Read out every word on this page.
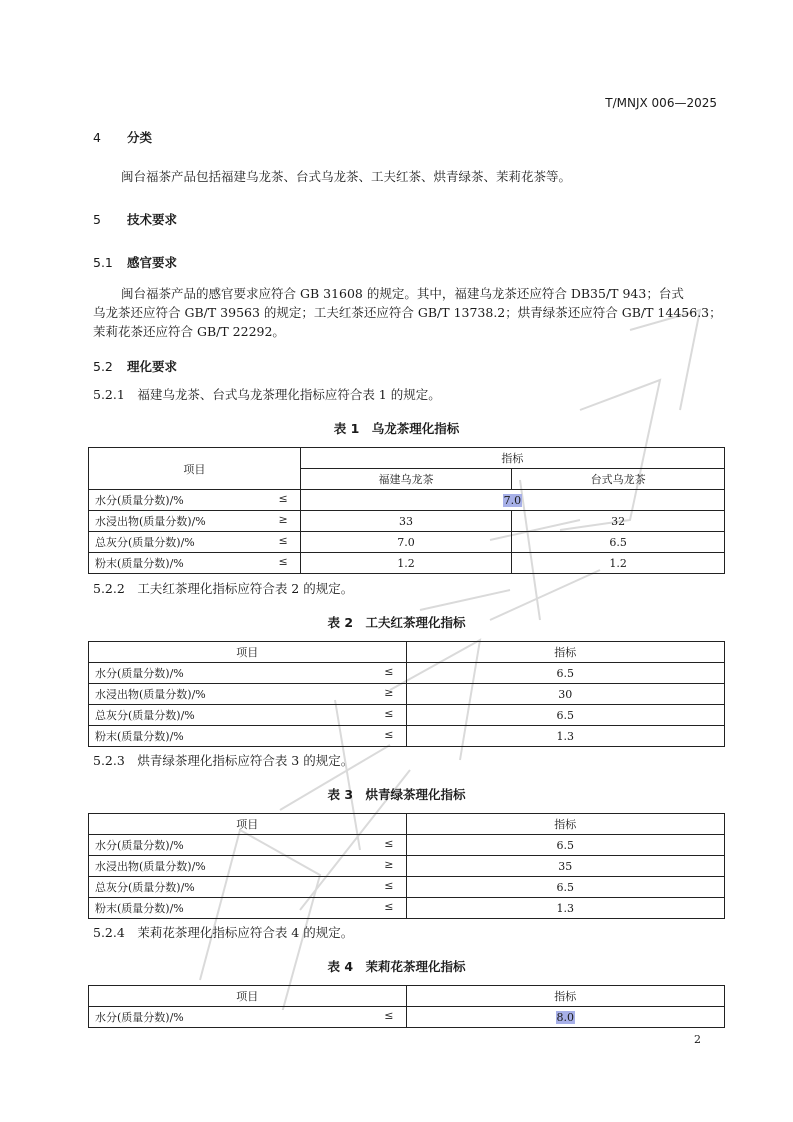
T/MNJX 006—2025
4 分类
闽台福茶产品包括福建乌龙茶、台式乌龙茶、工夫红茶、烘青绿茶、茉莉花茶等。
5 技术要求
5.1 感官要求
闽台福茶产品的感官要求应符合 GB 31608 的规定。其中，福建乌龙茶还应符合 DB35/T 943；台式
乌龙茶还应符合 GB/T 39563 的规定；工夫红茶还应符合 GB/T 13738.2；烘青绿茶还应符合 GB/T 14456.3；
茉莉花茶还应符合 GB/T 22292。
5.2 理化要求
5.2.1　 福建乌龙茶、台式乌龙茶理化指标应符合表 1 的规定。
表 1　乌龙茶理化指标
项目	指标	
	福建乌龙茶	台式乌龙茶

水分(质量分数)/% ≤	7.0	

水浸出物(质量分数)/% ≥	33	32

总灰分(质量分数)/% ≤	7.0	6.5

粉末(质量分数)/% ≤	1.2	1.2
5.2.2　 工夫红茶理化指标应符合表 2 的规定。
表 2　工夫红茶理化指标
项目	指标

水分(质量分数)/% ≤	6.5

水浸出物(质量分数)/% ≥	30

总灰分(质量分数)/% ≤	6.5

粉末(质量分数)/% ≤	1.3
5.2.3　 烘青绿茶理化指标应符合表 3 的规定。
表 3　烘青绿茶理化指标
项目	指标

水分(质量分数)/% ≤	6.5

水浸出物(质量分数)/% ≥	35

总灰分(质量分数)/% ≤	6.5

粉末(质量分数)/% ≤	1.3
5.2.4　 茉莉花茶理化指标应符合表 4 的规定。
表 4　茉莉花茶理化指标
项目	指标

水分(质量分数)/% ≤	8.0
2
